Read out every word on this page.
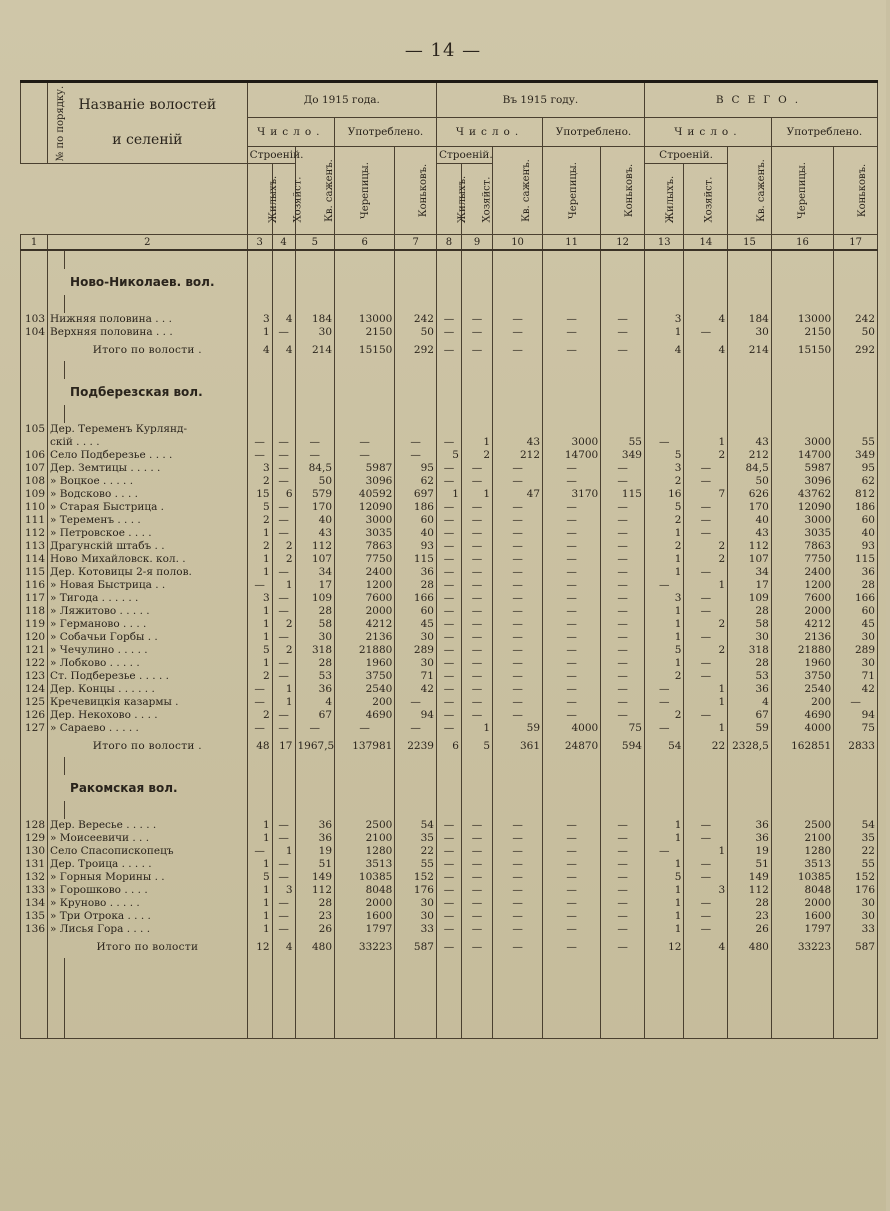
— 14 —
№ по порядку.	Названіе волостей
и селеній		До 1915 года.					Въ 1915 году.					ВСЕГО.				
			Число.			Употреблено.		Число.			Употреблено.		Число.			Употреблено.	
			Строеній.		Кв. саженъ.	Черепицы.	Коньковъ.	Строеній.		Кв. саженъ.	Черепицы.	Коньковъ.	Строеній.		Кв. саженъ.	Черепицы.	Коньковъ.
			Жилыхъ.	Хозяйст.				Жилыхъ.	Хозяйст.				Жилыхъ.	Хозяйст.			
1	2		3	4	5	6	7	8	9	10	11	12	13	14	15	16	17

	Ново-Николаев. вол.																

103	Нижняя половина . . .		3	4	184	13000	242	—	—	—	—	—	3	4	184	13000	242
104	Верхняя половина . . .		1	—	30	2150	50	—	—	—	—	—	1	—	30	2150	50
	Итого по волости .		4	4	214	15150	292	—	—	—	—	—	4	4	214	15150	292

	Подберезская вол.																

105	Дер. Теременъ Курлянд-																
	скій . . . .		—	—	—	—	—	—	1	43	3000	55	—	1	43	3000	55
106	Село Подберезье . . . .		—	—	—	—	—	5	2	212	14700	349	5	2	212	14700	349
107	Дер. Земтицы . . . . .		3	—	84,5	5987	95	—	—	—	—	—	3	—	84,5	5987	95
108	» Воцкое . . . . .		2	—	50	3096	62	—	—	—	—	—	2	—	50	3096	62
109	» Водсково . . . .		15	6	579	40592	697	1	1	47	3170	115	16	7	626	43762	812
110	» Старая Быстрица .		5	—	170	12090	186	—	—	—	—	—	5	—	170	12090	186
111	» Теременъ . . . .		2	—	40	3000	60	—	—	—	—	—	2	—	40	3000	60
112	» Петровское . . . .		1	—	43	3035	40	—	—	—	—	—	1	—	43	3035	40
113	Драгунскій штабъ . .		2	2	112	7863	93	—	—	—	—	—	2	2	112	7863	93
114	Ново Михайловск. кол. .		1	2	107	7750	115	—	—	—	—	—	1	2	107	7750	115
115	Дер. Котовицы 2-я полов.		1	—	34	2400	36	—	—	—	—	—	1	—	34	2400	36
116	» Новая Быстрица . .		—	1	17	1200	28	—	—	—	—	—	—	1	17	1200	28
117	» Тигода . . . . . .		3	—	109	7600	166	—	—	—	—	—	3	—	109	7600	166
118	» Ляжитово . . . . .		1	—	28	2000	60	—	—	—	—	—	1	—	28	2000	60
119	» Германово . . . .		1	2	58	4212	45	—	—	—	—	—	1	2	58	4212	45
120	» Собачьи Горбы . .		1	—	30	2136	30	—	—	—	—	—	1	—	30	2136	30
121	» Чечулино . . . . .		5	2	318	21880	289	—	—	—	—	—	5	2	318	21880	289
122	» Лобково . . . . .		1	—	28	1960	30	—	—	—	—	—	1	—	28	1960	30
123	Ст. Подберезье . . . . .		2	—	53	3750	71	—	—	—	—	—	2	—	53	3750	71
124	Дер. Концы . . . . . .		—	1	36	2540	42	—	—	—	—	—	—	1	36	2540	42
125	Кречевицкія казармы .		—	1	4	200	—	—	—	—	—	—	—	1	4	200	—
126	Дер. Некохово . . . .		2	—	67	4690	94	—	—	—	—	—	2	—	67	4690	94
127	» Сараево . . . . .		—	—	—	—	—	—	1	59	4000	75	—	1	59	4000	75
	Итого по волости .		48	17	1967,5	137981	2239	6	5	361	24870	594	54	22	2328,5	162851	2833

	Ракомская вол.																

128	Дер. Вересье . . . . .		1	—	36	2500	54	—	—	—	—	—	1	—	36	2500	54
129	» Моисеевичи . . .		1	—	36	2100	35	—	—	—	—	—	1	—	36	2100	35
130	Село Спасопископецъ		—	1	19	1280	22	—	—	—	—	—	—	1	19	1280	22
131	Дер. Троица . . . . .		1	—	51	3513	55	—	—	—	—	—	1	—	51	3513	55
132	» Горныя Морины . .		5	—	149	10385	152	—	—	—	—	—	5	—	149	10385	152
133	» Горошково . . . .		1	3	112	8048	176	—	—	—	—	—	1	3	112	8048	176
134	» Круново . . . . .		1	—	28	2000	30	—	—	—	—	—	1	—	28	2000	30
135	» Три Отрока . . . .		1	—	23	1600	30	—	—	—	—	—	1	—	23	1600	30
136	» Лисья Гора . . . .		1	—	26	1797	33	—	—	—	—	—	1	—	26	1797	33
	Итого по волости		12	4	480	33223	587	—	—	—	—	—	12	4	480	33223	587
